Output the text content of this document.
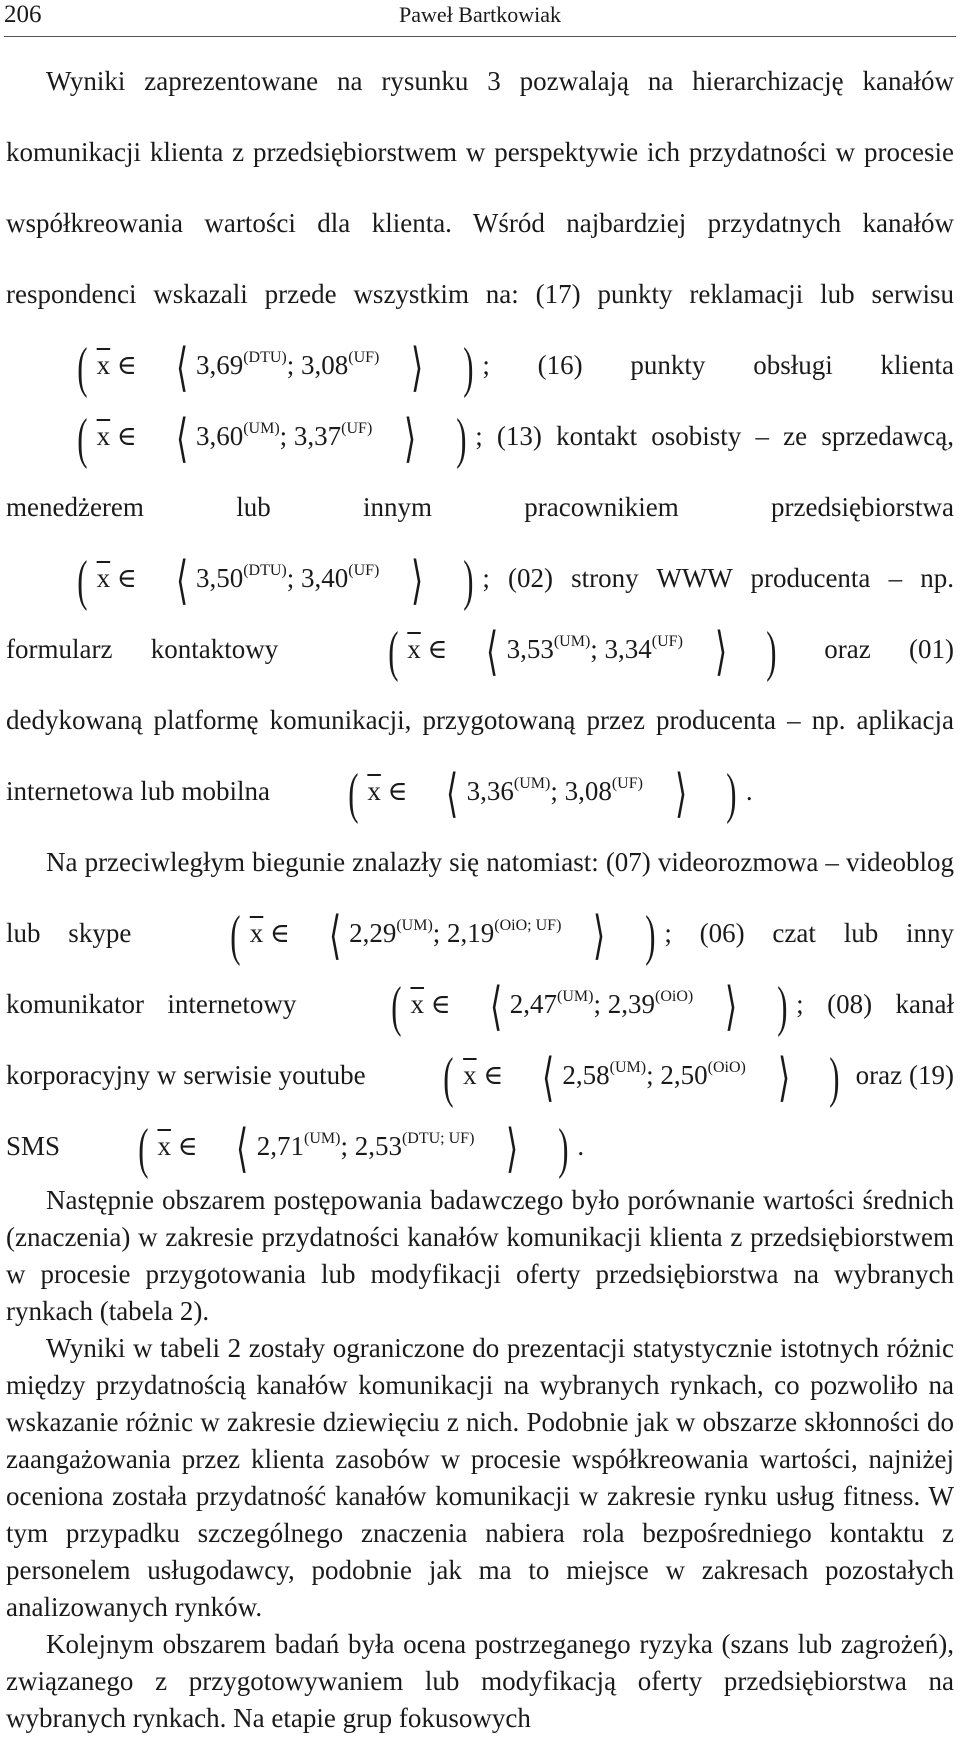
206	Paweł Bartkowiak

Wyniki zaprezentowane na rysunku 3 pozwalają na hierarchizację kanałów komunikacji klienta z przedsiębiorstwem w perspektywie ich przydatności w procesie współkreowania wartości dla klienta. Wśród najbardziej przydatnych kanałów respondenci wskazali przede wszystkim na: (17) punkty reklamacji lub serwisu ( $\overline{x}$ ∈ ⟨ $3,69^{(DTU)}$; $3,08^{(UF)}$ ⟩ ) ; (16) punkty obsługi klienta ( $\overline{x}$ ∈ ⟨ $3,60^{(UM)}$; $3,37^{(UF)}$ ⟩ ) ; (13) kontakt osobisty – ze sprzedawcą, menedżerem lub innym pracownikiem przedsiębiorstwa ( $\overline{x}$ ∈ ⟨ $3,50^{(DTU)}$; $3,40^{(UF)}$ ⟩ ) ; (02) strony WWW producenta – np. formularz kontaktowy ( $\overline{x}$ ∈ ⟨ $3,53^{(UM)}$; $3,34^{(UF)}$ ⟩ ) oraz (01) dedykowaną platformę komunikacji, przygotowaną przez producenta – np. aplikacja internetowa lub mobilna ( $\overline{x}$ ∈ ⟨ $3,36^{(UM)}$; $3,08^{(UF)}$ ⟩ ) .

Na przeciwległym biegunie znalazły się natomiast: (07) videorozmowa – videoblog lub skype ( $\overline{x}$ ∈ ⟨ $2,29^{(UM)}$; $2,19^{(OiO; UF)}$ ⟩ ) ; (06) czat lub inny komunikator internetowy ( $\overline{x}$ ∈ ⟨ $2,47^{(UM)}$; $2,39^{(OiO)}$ ⟩ ) ; (08) kanał korporacyjny w serwisie youtube ( $\overline{x}$ ∈ ⟨ $2,58^{(UM)}$; $2,50^{(OiO)}$ ⟩ ) oraz (19) SMS ( $\overline{x}$ ∈ ⟨ $2,71^{(UM)}$; $2,53^{(DTU; UF)}$ ⟩ ) .

Następnie obszarem postępowania badawczego było porównanie wartości średnich (znaczenia) w zakresie przydatności kanałów komunikacji klienta z przedsiębiorstwem w procesie przygotowania lub modyfikacji oferty przedsiębiorstwa na wybranych rynkach (tabela 2).

Wyniki w tabeli 2 zostały ograniczone do prezentacji statystycznie istotnych różnic między przydatnością kanałów komunikacji na wybranych rynkach, co pozwoliło na wskazanie różnic w zakresie dziewięciu z nich. Podobnie jak w obszarze skłonności do zaangażowania przez klienta zasobów w procesie współkreowania wartości, najniżej oceniona została przydatność kanałów komunikacji w zakresie rynku usług fitness. W tym przypadku szczególnego znaczenia nabiera rola bezpośredniego kontaktu z personelem usługodawcy, podobnie jak ma to miejsce w zakresach pozostałych analizowanych rynków.

Kolejnym obszarem badań była ocena postrzeganego ryzyka (szans lub zagrożeń), związanego z przygotowywaniem lub modyfikacją oferty przedsiębiorstwa na wybranych rynkach. Na etapie grup fokusowych
